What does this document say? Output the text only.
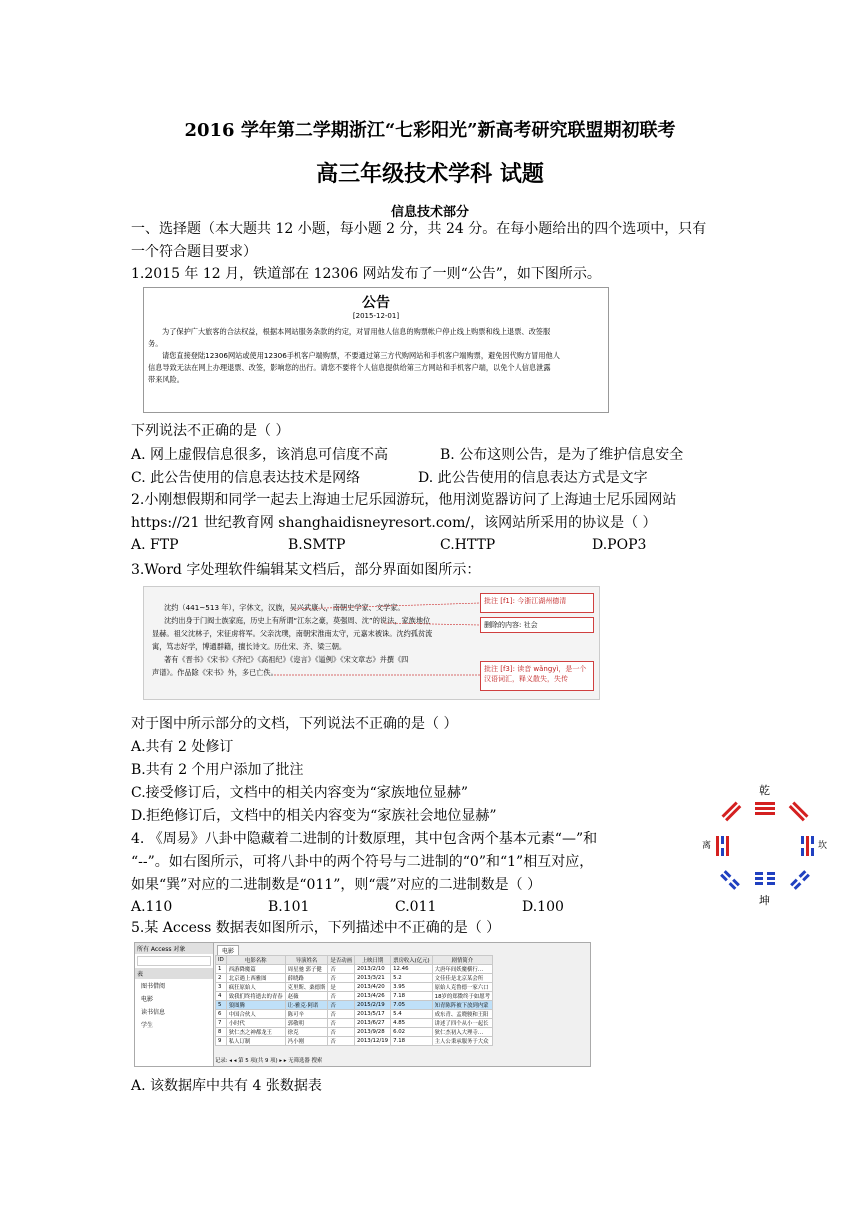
2016 学年第二学期浙江“七彩阳光”新高考研究联盟期初联考
高三年级技术学科 试题
信息技术部分
一、选择题（本大题共 12 小题，每小题 2 分，共 24 分。在每小题给出的四个选项中，只有
一个符合题目要求）
1.2015 年 12 月，铁道部在 12306 网站发布了一则“公告”，如下图所示。
公告
[2015-12-01]
为了保护广大旅客的合法权益，根据本网站服务条款的约定，对冒用他人信息的购票帐户停止线上购票和线上退票、改签服
务。
请您直接登陆12306网站或使用12306手机客户端购票，不要通过第三方代购网站和手机客户端购票，避免因代购方冒用他人
信息导致无法在网上办理退票、改签，影响您的出行。请您不要将个人信息提供给第三方网站和手机客户端，以免个人信息泄露
带来风险。
下列说法不正确的是（ ）
A. 网上虚假信息很多，该消息可信度不高	B. 公布这则公告，是为了维护信息安全
C. 此公告使用的信息表达技术是网络	D. 此公告使用的信息表达方式是文字
2.小刚想假期和同学一起去上海迪士尼乐园游玩，他用浏览器访问了上海迪士尼乐园网站
https://21 世纪教育网 shanghaidisneyresort.com/，该网站所采用的协议是（ ）
A. FTP	B.SMTP	C.HTTP	D.POP3
3.Word 字处理软件编辑某文档后，部分界面如图所示：
沈约（441~513 年），字休文，汉族，吴兴武康人，南朝史学家、文学家。
沈约出身于门阀士族家庭，历史上有所谓“江东之豪，莫强周、沈”的说法，家族地位
显赫。祖父沈林子，宋征虏将军。父亲沈璞，南朝宋淮南太守，元嘉末被诛。沈约孤贫流
寓，笃志好学，博通群籍，擅长诗文。历仕宋、齐、梁三朝。
著有《晋书》《宋书》《齐纪》《高祖纪》《迩言》《谥例》《宋文章志》并撰《四
声谱》。作品除《宋书》外，多已亡佚。
批注 [f1]: 今浙江湖州德清
删除的内容: 社会
批注 [f3]: 读音 wǎngyì，是一个汉语词汇，释义散失，失传
对于图中所示部分的文档，下列说法不正确的是（ ）
A.共有 2 处修订
B.共有 2 个用户添加了批注
C.接受修订后，文档中的相关内容变为“家族地位显赫”
D.拒绝修订后，文档中的相关内容变为“家族社会地位显赫”
4. 《周易》八卦中隐藏着二进制的计数原理，其中包含两个基本元素“—”和
“--”。如右图所示，可将八卦中的两个符号与二进制的“0”和“1”相互对应，
如果“巽”对应的二进制数是“011”，则“震”对应的二进制数是（ ）
A.110	B.101	C.011	D.100
乾
坤
离	坎
5.某 Access 数据表如图所示，下列描述中不正确的是（ ）
所有 Access 对象
表
图书借阅
电影
读书信息
学生
电影
ID	电影名称	导演姓名	是否动画	上映日期	票房收入(亿元)	剧情简介
1	西游降魔篇	周星驰 郭子健	否	2013/2/10	12.46	大唐年间妖魔横行…
2	北京遇上西雅图	薛晓路	否	2013/3/21	5.2	文佳佳是北京某会所
3	疯狂原始人	克里斯、桑德斯	是	2013/4/20	3.95	原始人克鲁德一家六口
4	致我们终将逝去的青春	赵薇	否	2013/4/26	7.18	18岁的郑微终于如愿考
5	狼图腾	让-雅克·阿诺	否	2015/2/19	7.05	知青陈阵被下放到内蒙
6	中国合伙人	陈可辛	否	2013/5/17	5.4	成东青、孟晓骏和王阳
7	小时代	郭敬明	否	2013/6/27	4.85	讲述了四个从小一起长
8	狄仁杰之神都龙王	徐克	否	2013/9/28	6.02	狄仁杰初入大理寺…
9	私人订制	冯小刚	否	2013/12/19	7.18	主人公秉承服务于大众
记录: ◂ ◂ 第 5 项(共 9 项) ▸ ▸ 无筛选器 搜索
A. 该数据库中共有 4 张数据表
